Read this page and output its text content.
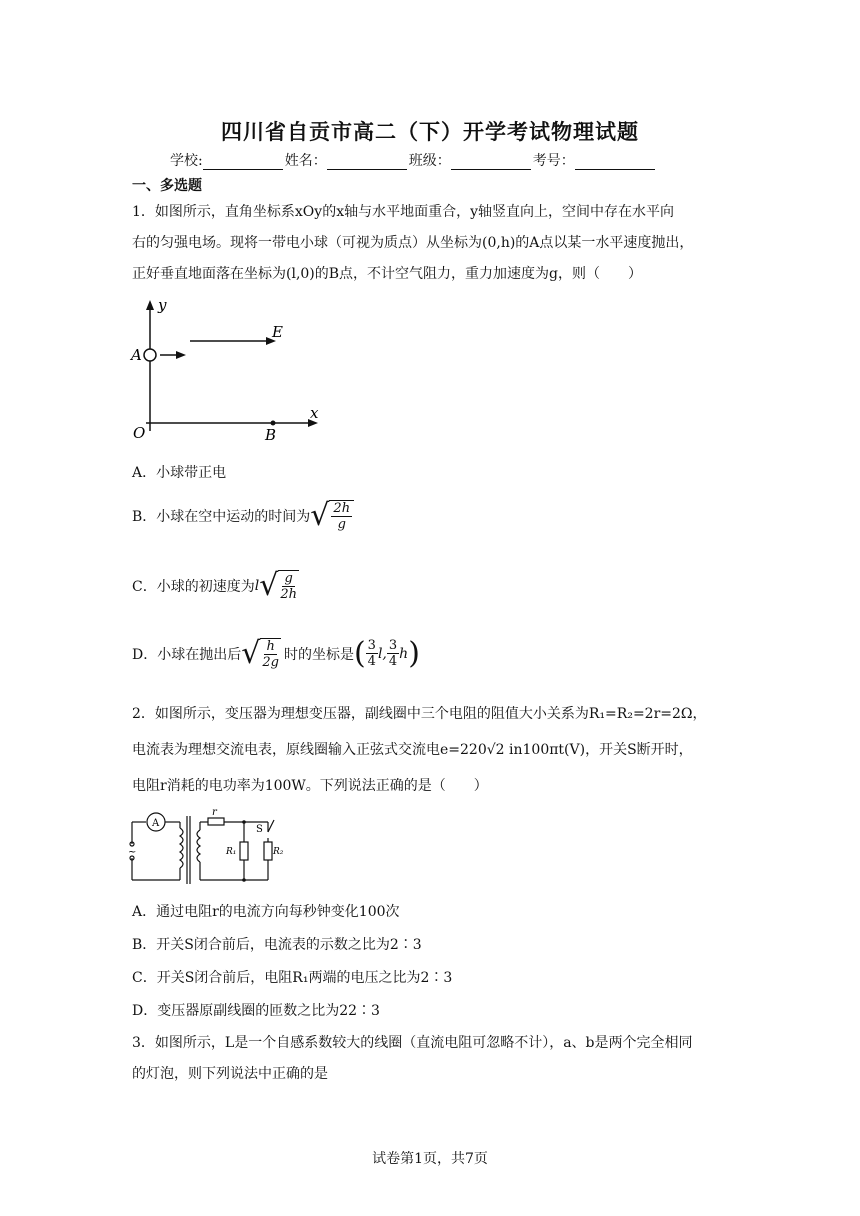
四川省自贡市高二（下）开学考试物理试题
学校:	姓名：	班级：	考号：
一、多选题
1．如图所示，直角坐标系xOy的x轴与水平地面重合，y轴竖直向上，空间中存在水平向
右的匀强电场。现将一带电小球（可视为质点）从坐标为(0,h)的A点以某一水平速度抛出，
正好垂直地面落在坐标为(l,0)的B点，不计空气阻力，重力加速度为g，则（　　）
y
x
E
A
O	B
A．小球带正电
B．小球在空中运动的时间为 √ $\frac{2h}{g}$
C．小球的初速度为 l √ $\frac{g}{2h}$
D．小球在抛出后 √ $\frac{h}{2g}$ 时的坐标是 ( $\frac{3}{4} l$, $\frac{3}{4}$ h )
2．如图所示，变压器为理想变压器，副线圈中三个电阻的阻值大小关系为R₁=R₂=2r=2Ω，
电流表为理想交流电表，原线圈输入正弦式交流电e=220√2 in100πt(V)，开关S断开时，
电阻r消耗的电功率为100W。下列说法正确的是（　　）
A
~
r
S
R₁	R₂
A．通过电阻r的电流方向每秒钟变化100次
B．开关S闭合前后，电流表的示数之比为2∶3
C．开关S闭合前后，电阻R₁两端的电压之比为2∶3
D．变压器原副线圈的匝数之比为22∶3
3．如图所示，L是一个自感系数较大的线圈（直流电阻可忽略不计），a、b是两个完全相同
的灯泡，则下列说法中正确的是
试卷第1页，共7页
